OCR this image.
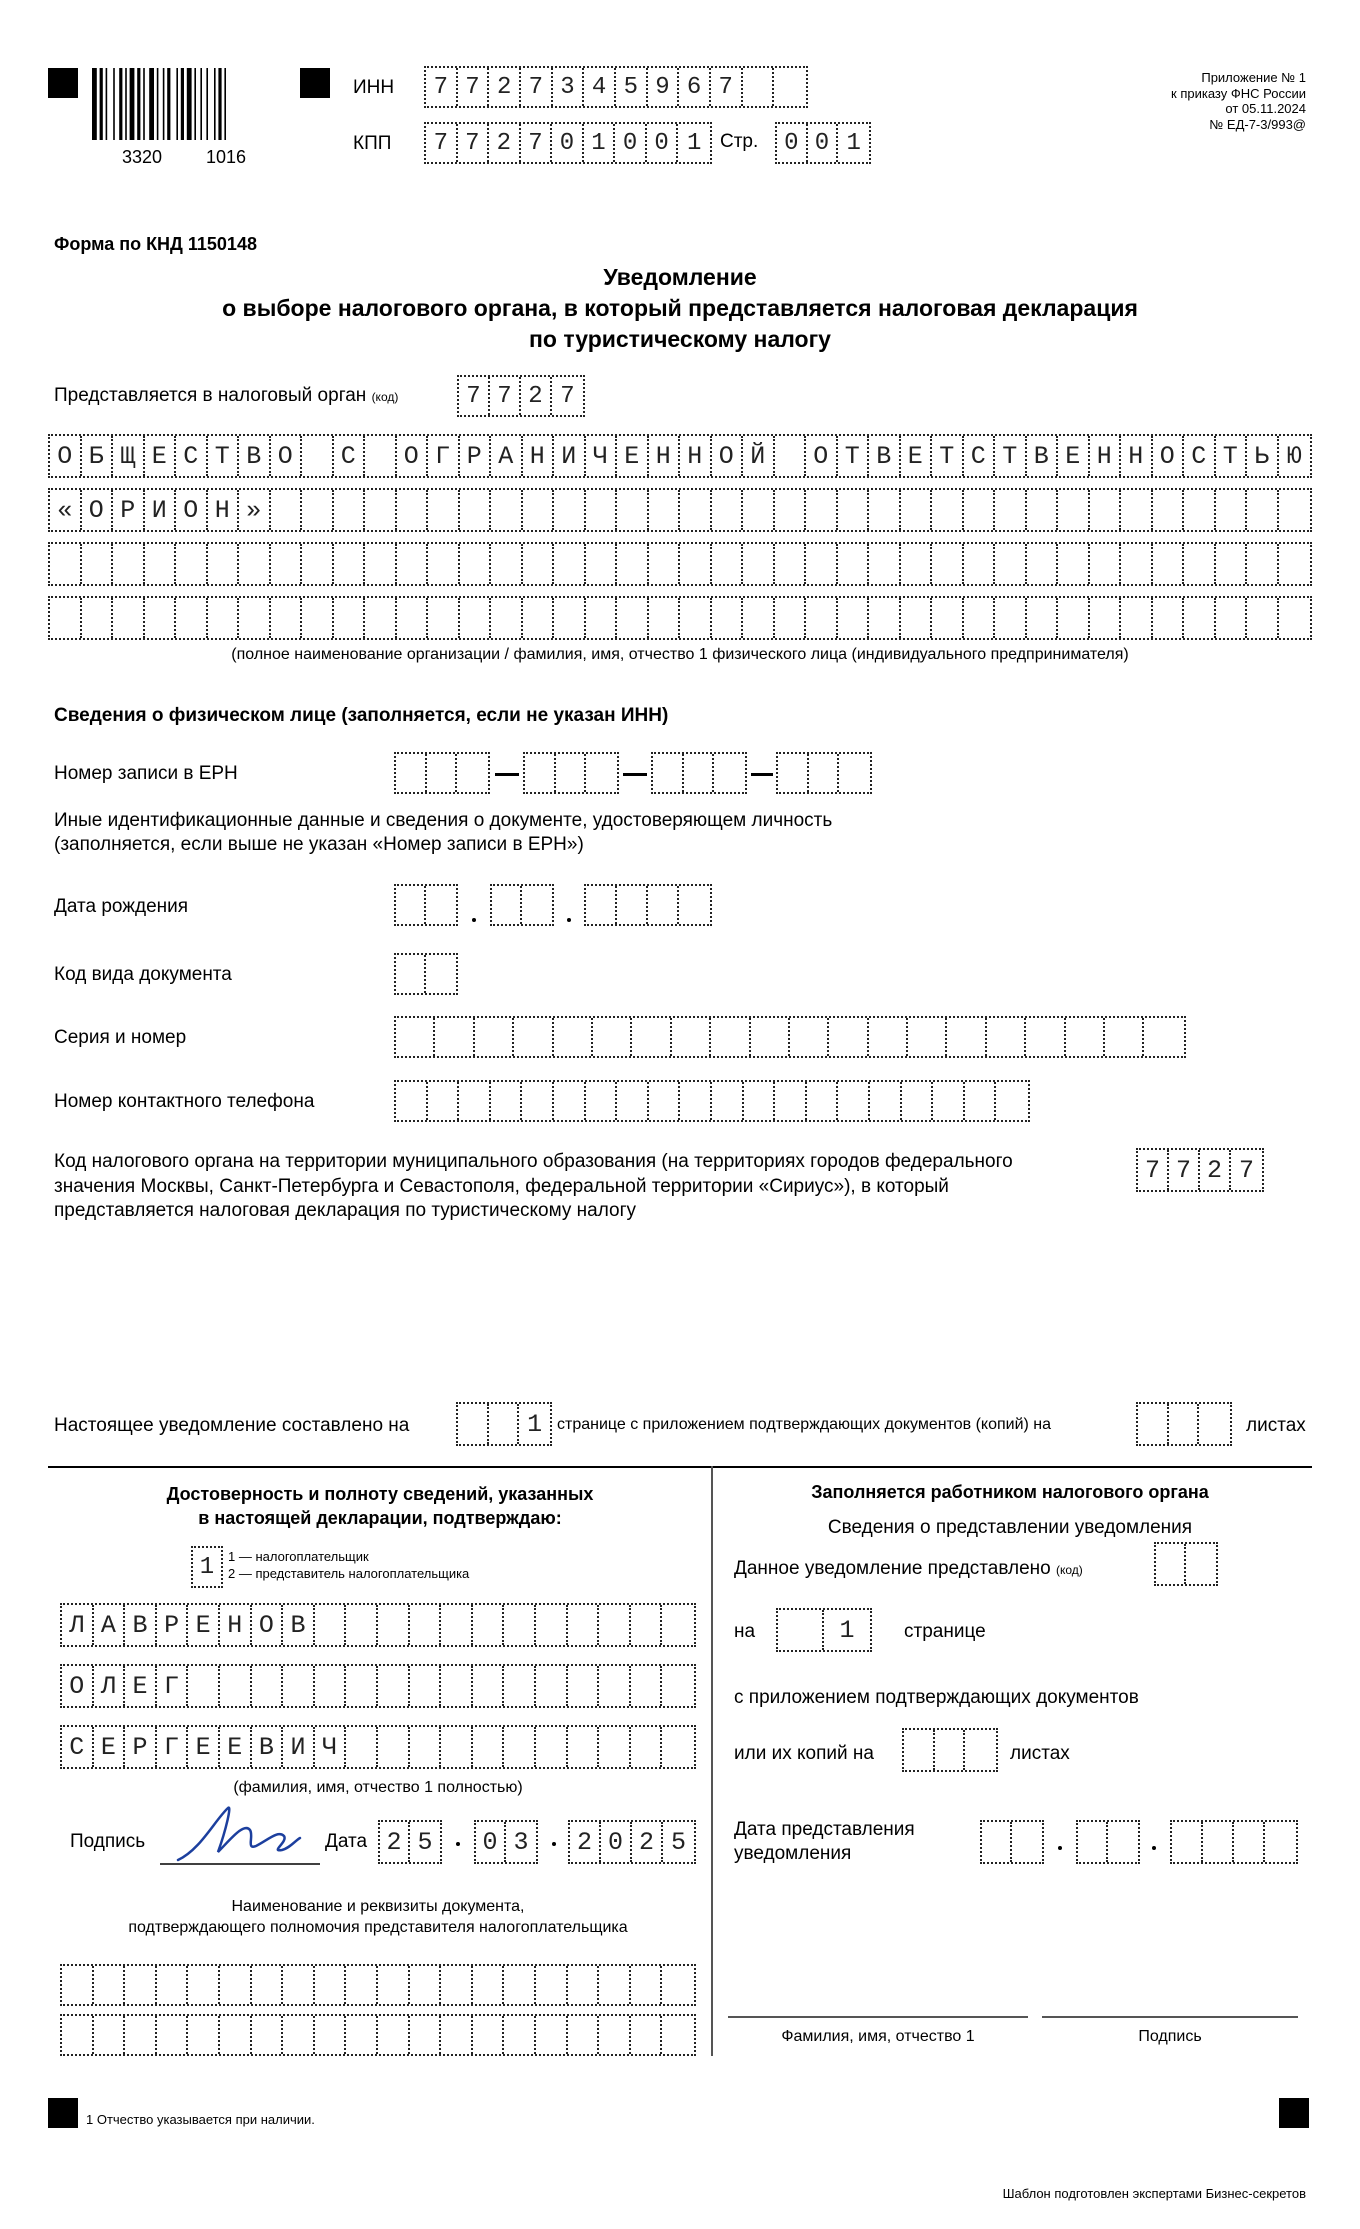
3320 1016
ИНН	7 7 2 7 3 4 5 9 6 7
КПП	7 7 2 7 0 1 0 0 1 Стр. 0 0 1
Приложение № 1
к приказу ФНС России
от 05.11.2024
№ ЕД-7-3/993@
Форма по КНД 1150148
Уведомление
о выборе налогового органа, в который представляется налоговая декларация
по туристическому налогу
Представляется в налоговый орган (код)	7 7 2 7
О Б Щ Е С Т В О	С	О Г Р А Н И Ч Е Н Н О Й	О Т В Е Т С Т В Е Н Н О С Т Ь Ю
« О Р И О Н »
(полное наименование организации / фамилия, имя, отчество 1 физического лица (индивидуального предпринимателя)
Сведения о физическом лице (заполняется, если не указан ИНН)
Номер записи в ЕРН
Иные идентификационные данные и сведения о документе, удостоверяющем личность
(заполняется, если выше не указан «Номер записи в ЕРН»)
Дата рождения
Код вида документа
Серия и номер
Номер контактного телефона
Код налогового органа на территории муниципального образования (на территориях городов федерального
значения Москвы, Санкт-Петербурга и Севастополя, федеральной территории «Сириус»), в который
представляется налоговая декларация по туристическому налогу
7 7 2 7
Настоящее уведомление составлено на	1 странице с приложением подтверждающих документов (копий) на	листах
Достоверность и полноту сведений, указанных
в настоящей декларации, подтверждаю:
1	1 — налогоплательщик
2 — представитель налогоплательщика
Л А В Р Е Н О В
О Л Е Г
С Е Р Г Е Е В И Ч
(фамилия, имя, отчество 1 полностью)
Подпись	Дата 2 5	0 3	2 0 2 5
Наименование и реквизиты документа,
подтверждающего полномочия представителя налогоплательщика
Заполняется работником налогового органа
Сведения о представлении уведомления
Данное уведомление представлено (код)
на	1	странице
с приложением подтверждающих документов
или их копий на	листах
Дата представления
уведомления
Фамилия, имя, отчество 1	Подпись
1 Отчество указывается при наличии.
Шаблон подготовлен экспертами Бизнес-секретов
